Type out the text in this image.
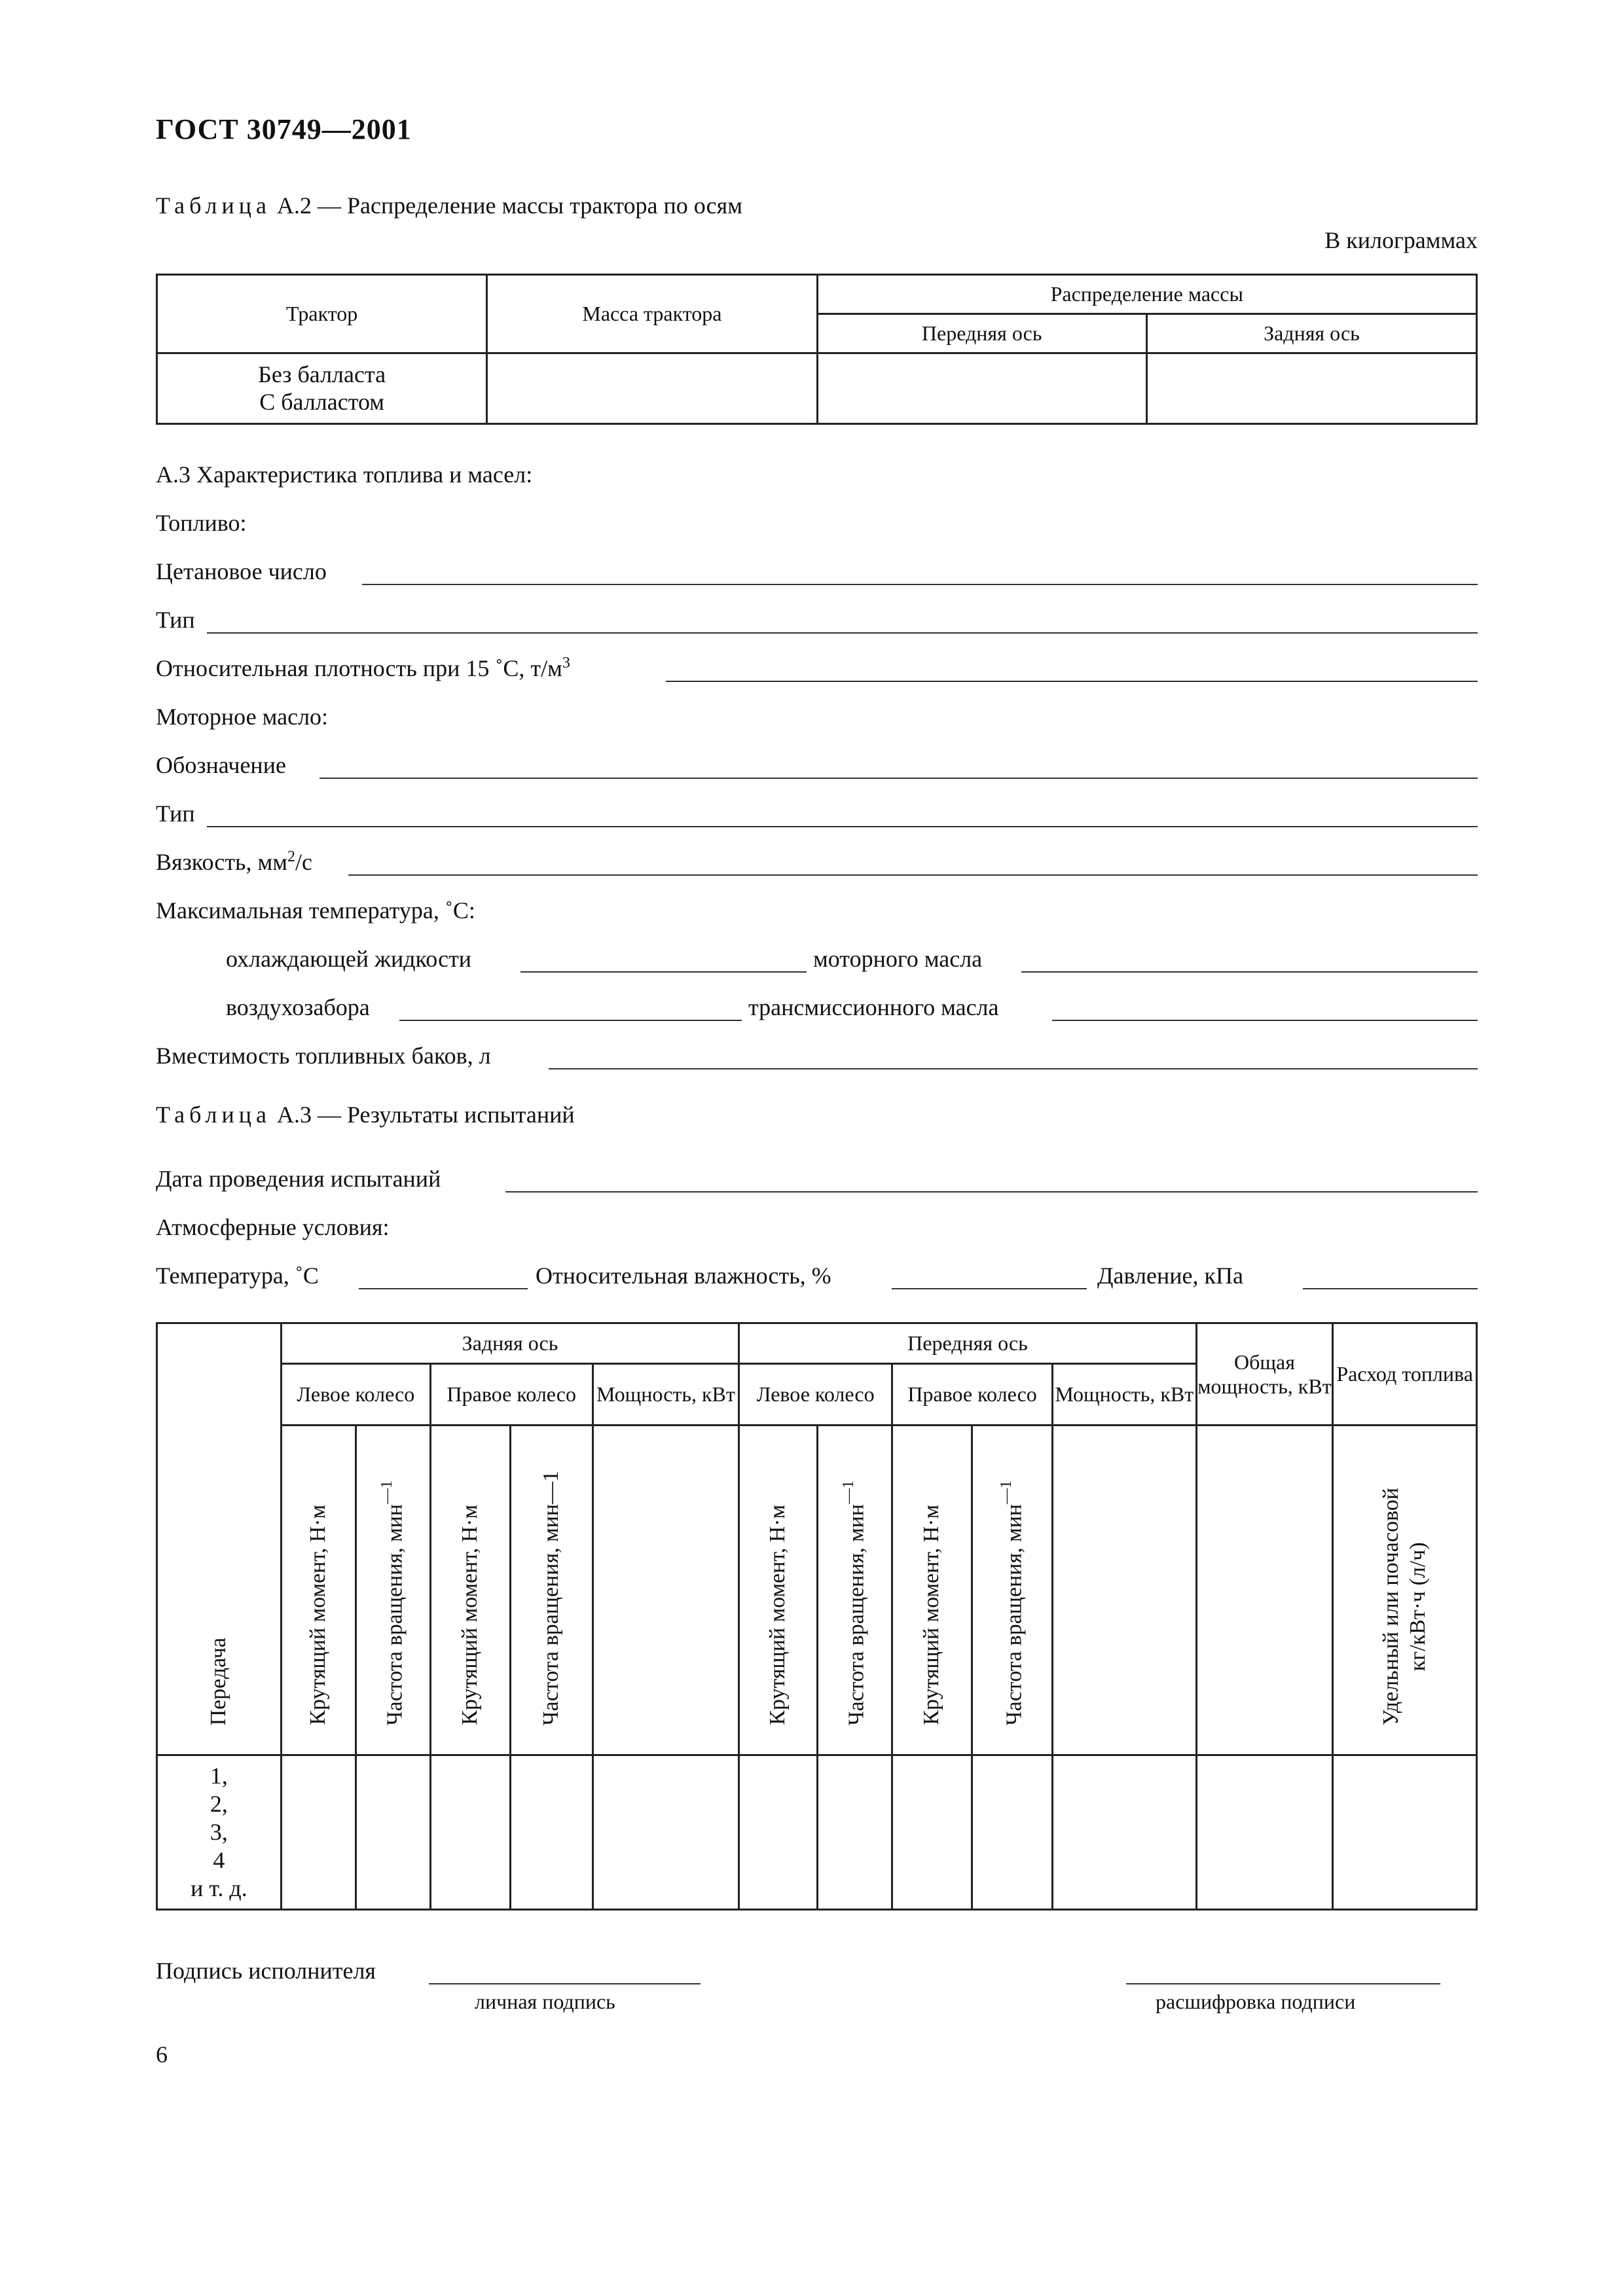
ГОСТ 30749—2001
Таблица А.2 — Распределение массы трактора по осям
В килограммах
Трактор	Масса трактора	Распределение массы	
		Передняя ось	Задняя ось

Без балласта
С балластом			

А.3 Характеристика топлива и масел:
Топливо:
Цетановое число
Тип
Относительная плотность при 15 ˚С, $т/м^3$
Моторное масло:
Обозначение
Тип
Вязкость, $мм^2/с$
Максимальная температура, ˚С:
охлаждающей жидкости	моторного масла
воздухозабора	трансмиссионного масла
Вместимость топливных баков, л
Таблица А.3 — Результаты испытаний
Дата проведения испытаний
Атмосферные условия:
Температура, ˚С	Относительная влажность, %	Давление, кПа
Передача	Задняя ось					Передняя ось					Общая мощность, кВт	Расход топлива
	Левое колесо		Правое колесо		Мощность, кВт	Левое колесо		Правое колесо		Мощность, кВт		
	Крутящий момент, Н·м	Частота вращения, мин$^{—1}$	Крутящий момент, Н·м	Частота вращения, мин—1		Крутящий момент, Н·м	Частота вращения, мин$^{—1}$	Крутящий момент, Н·м	Частота вращения, мин$^{—1}$			Удельный или почасовой кг/кВт·ч (л/ч)

1,
2,
3,
4
и т. д.												

Подпись исполнителя
личная подпись	расшифровка подписи
6
